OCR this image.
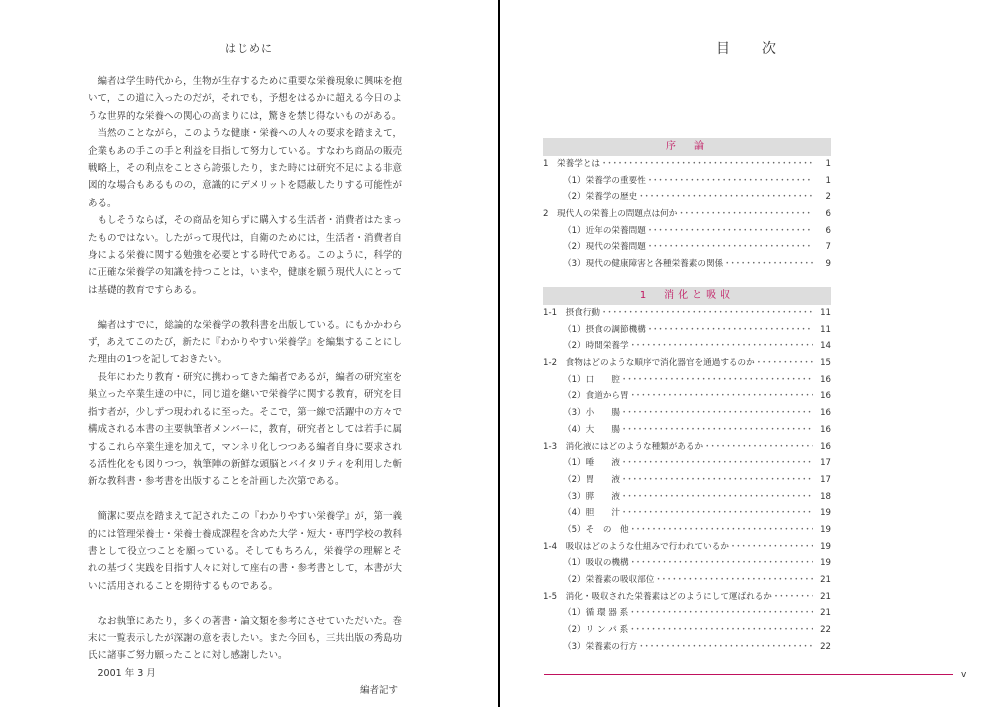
はじめに

編者は学生時代から，生物が生存するために重要な栄養現象に興味を抱いて，この道に入ったのだが，それでも，予想をはるかに超える今日のような世界的な栄養への関心の高まりには，驚きを禁じ得ないものがある。

当然のことながら，このような健康・栄養への人々の要求を踏まえて，企業もあの手この手と利益を目指して努力している。すなわち商品の販売戦略上，その利点をことさら誇張したり，また時には研究不足による非意図的な場合もあるものの，意識的にデメリットを隠蔽したりする可能性がある。

もしそうならば，その商品を知らずに購入する生活者・消費者はたまったものではない。したがって現代は，自衛のためには，生活者・消費者自身による栄養に関する勉強を必要とする時代である。このように，科学的に正確な栄養学の知識を持つことは，いまや，健康を願う現代人にとっては基礎的教育ですらある。

編者はすでに，総論的な栄養学の教科書を出版している。にもかかわらず，あえてこのたび，新たに『わかりやすい栄養学』を編集することにした理由の1つを記しておきたい。

長年にわたり教育・研究に携わってきた編者であるが，編者の研究室を巣立った卒業生達の中に，同じ道を継いで栄養学に関する教育，研究を目指す者が，少しずつ現われるに至った。そこで，第一線で活躍中の方々で構成される本書の主要執筆者メンバーに，教育，研究者としては若手に属するこれら卒業生達を加えて，マンネリ化しつつある編者自身に要求される活性化をも図りつつ，執筆陣の新鮮な頭脳とバイタリティを利用した斬新な教科書・参考書を出版することを計画した次第である。

簡潔に要点を踏まえて記されたこの『わかりやすい栄養学』が，第一義的には管理栄養士・栄養士養成課程を含めた大学・短大・専門学校の教科書として役立つことを願っている。そしてもちろん，栄養学の理解とそれの基づく実践を目指す人々に対して座右の書・参考書として，本書が大いに活用されることを期待するものである。

なお執筆にあたり，多くの著書・論文類を参考にさせていただいた。巻末に一覧表示したが深謝の意を表したい。また今回も，三共出版の秀島功氏に諸事ご努力願ったことに対し感謝したい。

2001 年 3 月

編者記す

目次
序　論
1　栄養学とは ･････････････････････････････････････････････････････････････････････････････････････････････････････････････････	1
（1）栄養学の重要性 ･････････････････････････････････････････････････････････････････････････････････････････････････････････････････	1
（2）栄養学の歴史 ･････････････････････････････････････････････････････････････････････････････････････････････････････････････････	2
2　現代人の栄養上の問題点は何か ･････････････････････････････････････････････････････････････････････････････････････････････････････････････････	6
（1）近年の栄養問題 ･････････････････････････････････････････････････････････････････････････････････････････････････････････････････	6
（2）現代の栄養問題 ･････････････････････････････････････････････････････････････････････････････････････････････････････････････････	7
（3）現代の健康障害と各種栄養素の関係 ･････････････････････････････････････････････････････････････････････････････････････････････････････････････････	9
1　消化と吸収
1-1　摂食行動 ･････････････････････････････････････････････････････････････････････････････････････････････････････････････････	11
（1）摂食の調節機構 ･････････････････････････････････････････････････････････････････････････････････････････････････････････････････	11
（2）時間栄養学 ･････････････････････････････････････････････････････････････････････････････････････････････････････････････････	14
1-2　食物はどのような順序で消化器官を通過するのか ･････････････････････････････････････････････････････････････････････････････････････････････････････････････････	15
（1）口　　腔 ･････････････････････････････････････････････････････････････････････････････････････････････････････････････････	16
（2）食道から胃 ･････････････････････････････････････････････････････････････････････････････････････････････････････････････････	16
（3）小　　腸 ･････････････････････････････････････････････････････････････････････････････････････････････････････････････････	16
（4）大　　腸 ･････････････････････････････････････････････････････････････････････････････････････････････････････････････････	16
1-3　消化液にはどのような種類があるか ･････････････････････････････････････････････････････････････････････････････････････････････････････････････････	16
（1）唾　　液 ･････････････････････････････････････････････････････････････････････････････････････････････････････････････････	17
（2）胃　　液 ･････････････････････････････････････････････････････････････････････････････････････････････････････････････････	17
（3）膵　　液 ･････････････････････････････････････････････････････････････････････････････････････････････････････････････････	18
（4）胆　　汁 ･････････････････････････････････････････････････････････････････････････････････････････････････････････････････	19
（5）そ　の　他 ･････････････････････････････････････････････････････････････････････････････････････････････････････････････････	19
1-4　吸収はどのような仕組みで行われているか ･････････････････････････････････････････････････････････････････････････････････････････････････････････････････	19
（1）吸収の機構 ･････････････････････････････････････････････････････････････････････････････････････････････････････････････････	19
（2）栄養素の吸収部位 ･････････････････････････････････････････････････････････････････････････････････････････････････････････････････	21
1-5　消化・吸収された栄養素はどのようにして運ばれるか ･････････････････････････････････････････････････････････････････････････････････････････････････････････････････	21
（1）循 環 器 系 ･････････････････････････････････････････････････････････････････････････････････････････････････････････････････	21
（2）リ ン パ 系 ･････････････････････････････････････････････････････････････････････････････････････････････････････････････････	22
（3）栄養素の行方 ･････････････････････････････････････････････････････････････････････････････････････････････････････････････････	22
v
